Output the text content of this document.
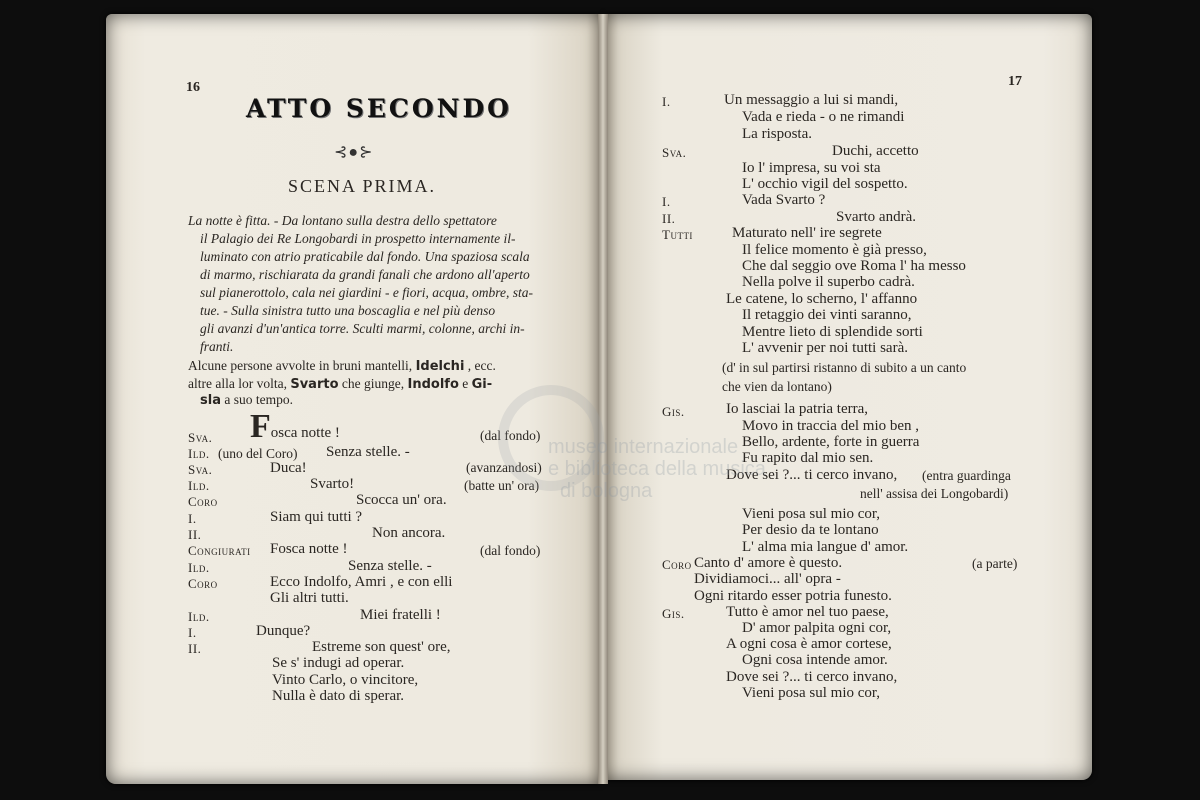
16
ATTO SECONDO
⊰●⊱
SCENA PRIMA.
La notte è fitta. - Da lontano sulla destra dello spettatore
il Palagio dei Re Longobardi in prospetto internamente il-
luminato con atrio praticabile dal fondo. Una spaziosa scala
di marmo, rischiarata da grandi fanali che ardono all'aperto
sul pianerottolo, cala nei giardini - e fiori, acqua, ombre, sta-
tue. - Sulla sinistra tutto una boscaglia e nel più denso
gli avanzi d'un'antica torre. Sculti marmi, colonne, archi in-
franti.
Alcune persone avvolte in bruni mantelli, Idelchi , ecc.
altre alla lor volta, Svarto che giunge, Indolfo e Gi-
sla a suo tempo.
Sva. Fosca notte !	(dal fondo)
Ild. (uno del Coro) Senza stelle. -
Sva.	Duca!	(avanzandosi)
Ild.	Svarto!	(batte un' ora)
Coro	Scocca un' ora.
I.	Siam qui tutti ?
II.	Non ancora.
Congiurati Fosca notte !	(dal fondo)
Ild.	Senza stelle. -
Coro	Ecco Indolfo, Amri , e con elli
Gli altri tutti.
Ild.	Miei fratelli !
I.	Dunque?
II.	Estreme son quest' ore,
Se s' indugi ad operar.
Vinto Carlo, o vincitore,
Nulla è dato di sperar.
17
I.	Un messaggio a lui si mandi,
Vada e rieda - o ne rimandi
La risposta.
Sva.	Duchi, accetto
Io l' impresa, su voi sta
L' occhio vigil del sospetto.
I.	Vada Svarto ?
II.	Svarto andrà.
Tutti	Maturato nell' ire segrete
Il felice momento è già presso,
Che dal seggio ove Roma l' ha messo
Nella polve il superbo cadrà.
Le catene, lo scherno, l' affanno
Il retaggio dei vinti saranno,
Mentre lieto di splendide sorti
L' avvenir per noi tutti sarà.
(d' in sul partirsi ristanno di subito a un canto
che vien da lontano)
Gis.	Io lasciai la patria terra,
Movo in traccia del mio ben ,
Bello, ardente, forte in guerra
Fu rapito dal mio sen.
Dove sei ?... ti cerco invano, (entra guardinga
nell' assisa dei Longobardi)
Vieni posa sul mio cor,
Per desio da te lontano
L' alma mia langue d' amor.
Coro Canto d' amore è questo.	(a parte)
Dividiamoci... all' opra -
Ogni ritardo esser potria funesto.
Gis.	Tutto è amor nel tuo paese,
D' amor palpita ogni cor,
A ogni cosa è amor cortese,
Ogni cosa intende amor.
Dove sei ?... ti cerco invano,
Vieni posa sul mio cor,
museo internazionale
e biblioteca della musica
di bologna
